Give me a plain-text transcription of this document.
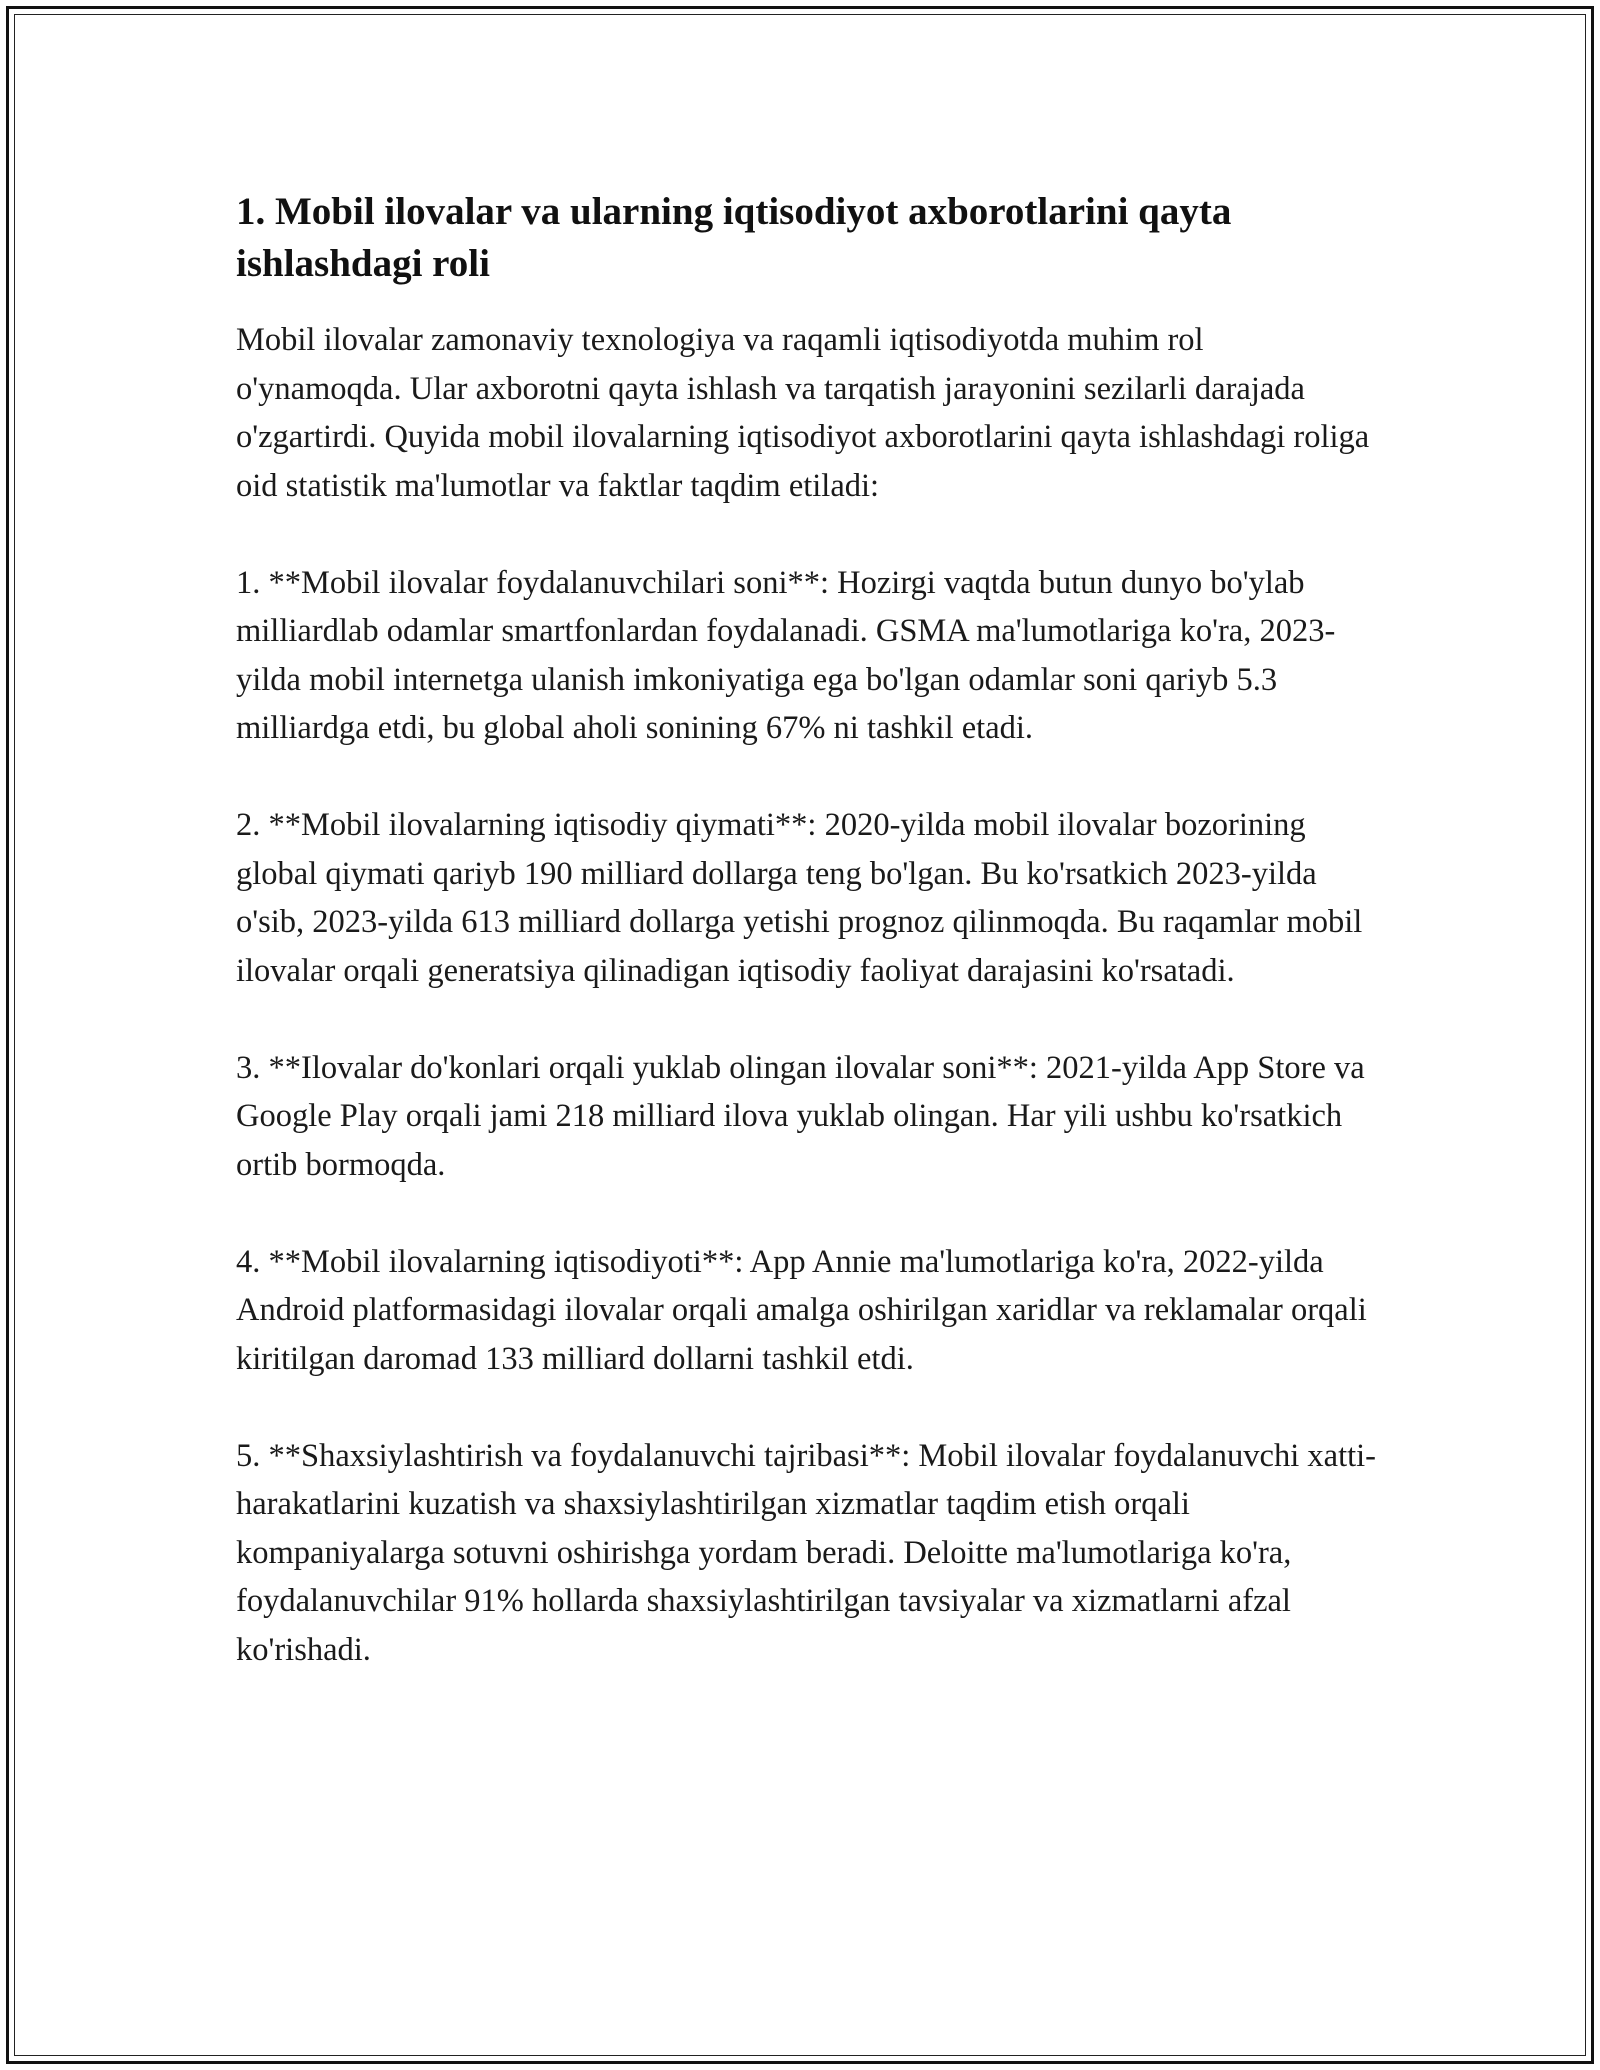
1. Mobil ilovalar va ularning iqtisodiyot axborotlarini qayta ishlashdagi roli

Mobil ilovalar zamonaviy texnologiya va raqamli iqtisodiyotda muhim rol o'ynamoqda. Ular axborotni qayta ishlash va tarqatish jarayonini sezilarli darajada o'zgartirdi. Quyida mobil ilovalarning iqtisodiyot axborotlarini qayta ishlashdagi roliga oid statistik ma'lumotlar va faktlar taqdim etiladi:

1. **Mobil ilovalar foydalanuvchilari soni**: Hozirgi vaqtda butun dunyo bo'ylab milliardlab odamlar smartfonlardan foydalanadi. GSMA ma'lumotlariga ko'ra, 2023-yilda mobil internetga ulanish imkoniyatiga ega bo'lgan odamlar soni qariyb 5.3 milliardga etdi, bu global aholi sonining 67% ni tashkil etadi.

2. **Mobil ilovalarning iqtisodiy qiymati**: 2020-yilda mobil ilovalar bozorining global qiymati qariyb 190 milliard dollarga teng bo'lgan. Bu ko'rsatkich 2023-yilda o'sib, 2023-yilda 613 milliard dollarga yetishi prognoz qilinmoqda. Bu raqamlar mobil ilovalar orqali generatsiya qilinadigan iqtisodiy faoliyat darajasini ko'rsatadi.

3. **Ilovalar do'konlari orqali yuklab olingan ilovalar soni**: 2021-yilda App Store va Google Play orqali jami 218 milliard ilova yuklab olingan. Har yili ushbu ko'rsatkich ortib bormoqda.

4. **Mobil ilovalarning iqtisodiyoti**: App Annie ma'lumotlariga ko'ra, 2022-yilda Android platformasidagi ilovalar orqali amalga oshirilgan xaridlar va reklamalar orqali kiritilgan daromad 133 milliard dollarni tashkil etdi.

5. **Shaxsiylashtirish va foydalanuvchi tajribasi**: Mobil ilovalar foydalanuvchi xatti-harakatlarini kuzatish va shaxsiylashtirilgan xizmatlar taqdim etish orqali kompaniyalarga sotuvni oshirishga yordam beradi. Deloitte ma'lumotlariga ko'ra, foydalanuvchilar 91% hollarda shaxsiylashtirilgan tavsiyalar va xizmatlarni afzal ko'rishadi.
